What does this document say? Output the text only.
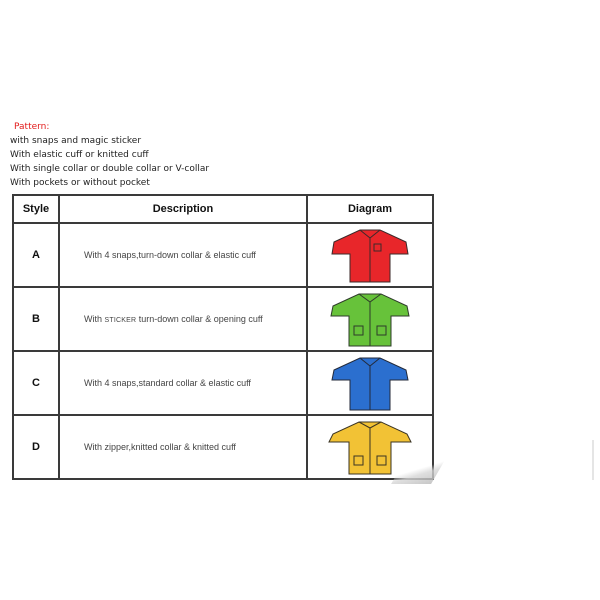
Pattern:
with snaps and magic sticker
With elastic cuff or knitted cuff
With single collar or double collar or V-collar
With pockets or without pocket
Style	Description	Diagram
A	With 4 snaps,turn-down collar & elastic cuff	

B	With STICKER turn-down collar & opening cuff	

C	With 4 snaps,standard collar & elastic cuff	

D	With zipper,knitted collar & knitted cuff	
